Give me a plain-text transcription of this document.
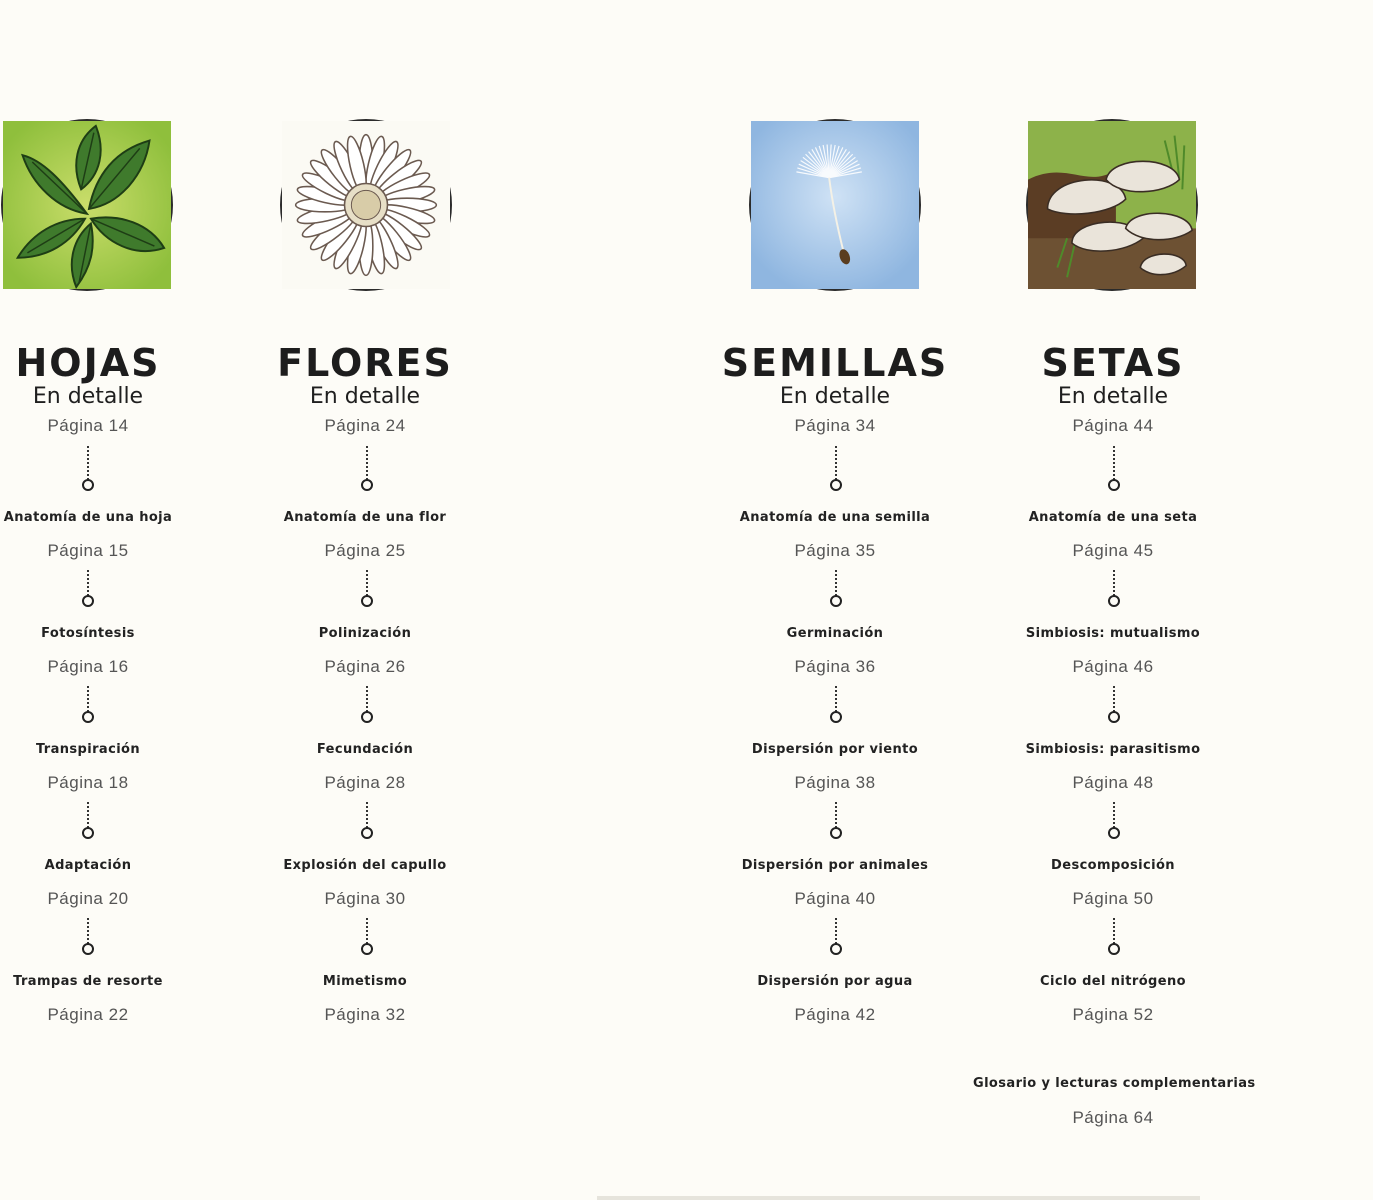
HOJAS
En detalle
Página 14
Anatomía de una hoja
Página 15
Fotosíntesis
Página 16
Transpiración
Página 18
Adaptación
Página 20
Trampas de resorte
Página 22
FLORES
En detalle
Página 24
Anatomía de una flor
Página 25
Polinización
Página 26
Fecundación
Página 28
Explosión del capullo
Página 30
Mimetismo
Página 32
SEMILLAS
En detalle
Página 34
Anatomía de una semilla
Página 35
Germinación
Página 36
Dispersión por viento
Página 38
Dispersión por animales
Página 40
Dispersión por agua
Página 42
SETAS
En detalle
Página 44
Anatomía de una seta
Página 45
Simbiosis: mutualismo
Página 46
Simbiosis: parasitismo
Página 48
Descomposición
Página 50
Ciclo del nitrógeno
Página 52
Glosario y lecturas complementarias
Página 64
